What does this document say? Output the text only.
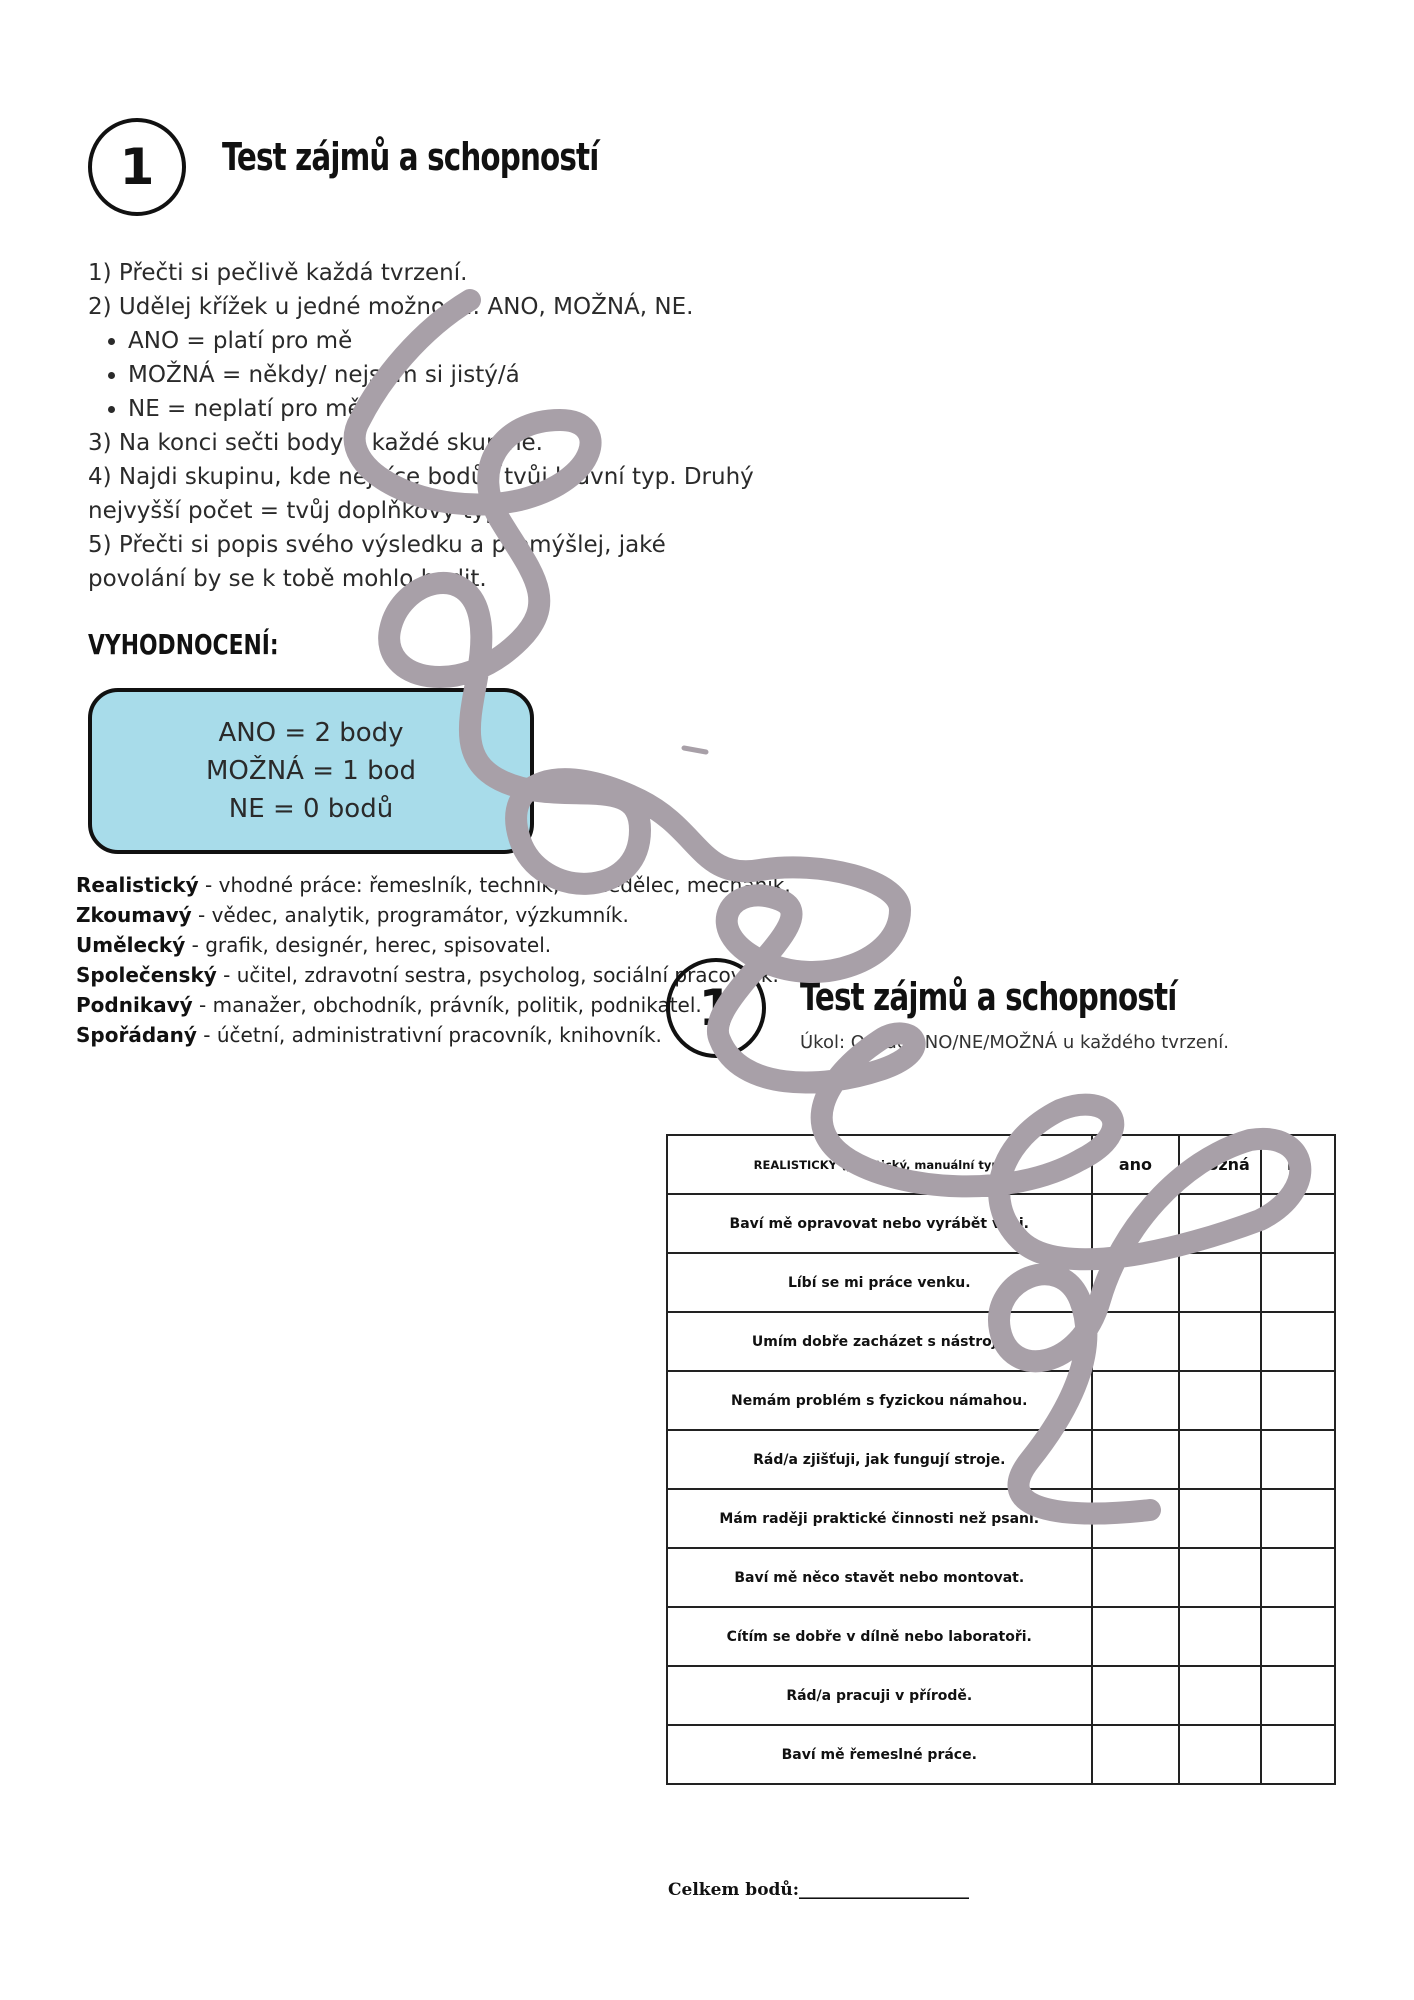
1	Test zájmů a schopností

1) Přečti si pečlivě každá tvrzení.

2) Udělej křížek u jedné možnosti: ANO, MOŽNÁ, NE.

• ANO = platí pro mě
• MOŽNÁ = někdy/ nejsem si jistý/á
• NE = neplatí pro mě.

3) Na konci sečti body v každé skupině.

4) Najdi skupinu, kde nejvíce bodů ´tvůj hlavní typ. Druhý nejvyšší počet = tvůj doplňkový typ.

5) Přečti si popis svého výsledku a přemýšlej, jaké povolání by se k tobě mohlo hodit.

VYHODNOCENÍ:
ANO = 2 body
MOŽNÁ = 1 bod
NE = 0 bodů
Realistický - vhodné práce: řemeslník, technik, zemědělec, mechanik.
Zkoumavý - vědec, analytik, programátor, výzkumník.
Umělecký - grafik, designér, herec, spisovatel.
Společenský - učitel, zdravotní sestra, psycholog, sociální pracovník.
Podnikavý - manažer, obchodník, právník, politik, podnikatel.
Spořádaný - účetní, administrativní pracovník, knihovník. 1	Test zájmů a schopností
Úkol: Označ ANO/NE/MOŽNÁ u každého tvrzení.
REALISTICKÝ (praktický, manuální typ)	ano	možná	ne
Baví mě opravovat nebo vyrábět věci.			
Líbí se mi práce venku.			
Umím dobře zacházet s nástroji.			
Nemám problém s fyzickou námahou.			
Rád/a zjišťuji, jak fungují stroje.			
Mám raději praktické činnosti než psaní.			
Baví mě něco stavět nebo montovat.			
Cítím se dobře v dílně nebo laboratoři.			
Rád/a pracuji v přírodě.			
Baví mě řemeslné práce.			
Celkem bodů:____________________
